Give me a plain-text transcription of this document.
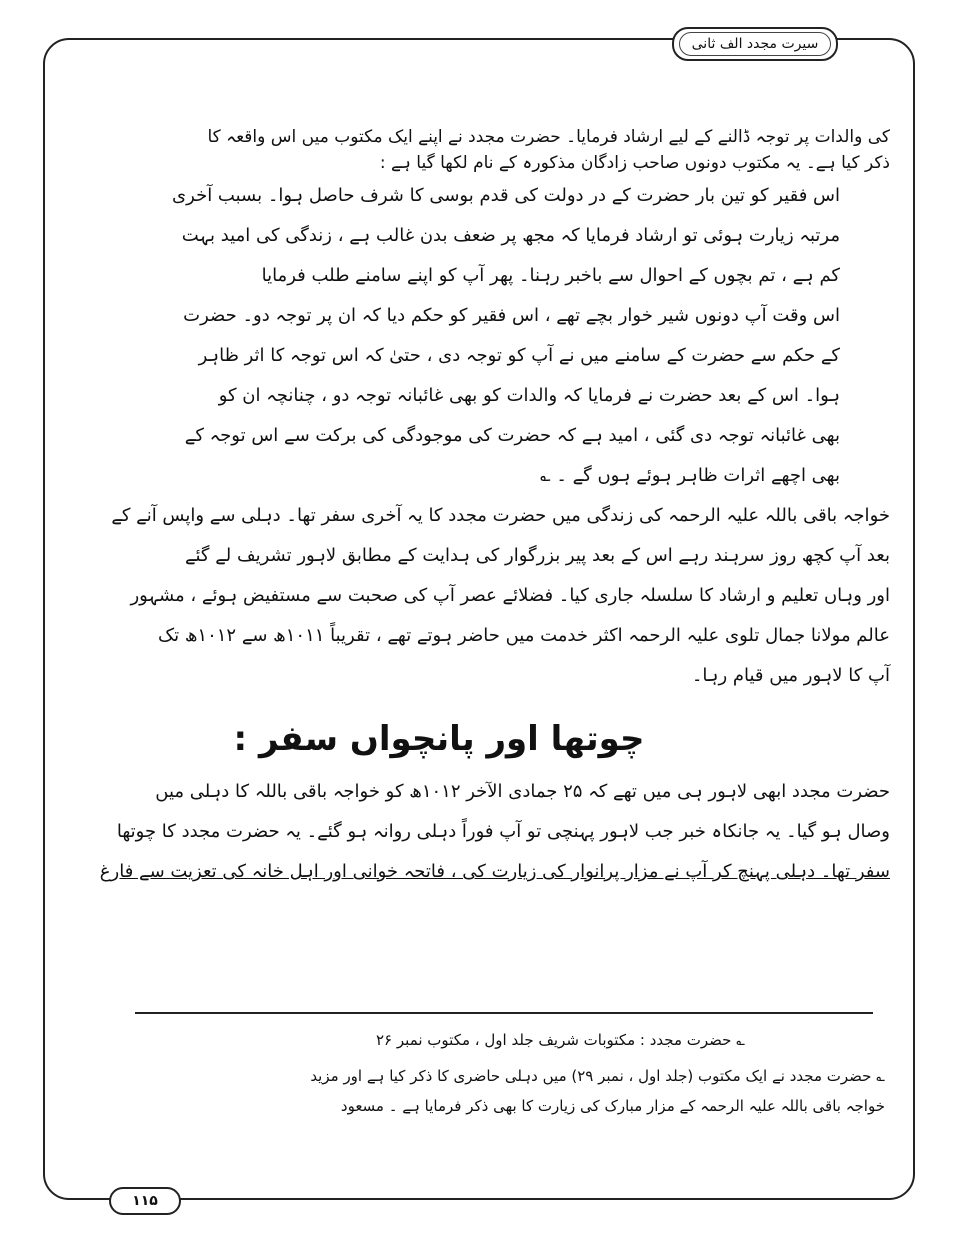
سیرت مجدد الف ثانی
کی والدات پر توجہ ڈالنے کے لیے ارشاد فرمایا۔ حضرت مجدد نے اپنے ایک مکتوب میں اس واقعہ کا
ذکر کیا ہے۔ یہ مکتوب دونوں صاحب زادگان مذکورہ کے نام لکھا گیا ہے :
اس فقیر کو تین بار حضرت کے در دولت کی قدم بوسی کا شرف حاصل ہوا۔ بسبب آخری
مرتبہ زیارت ہوئی تو ارشاد فرمایا کہ مجھ پر ضعف بدن غالب ہے ، زندگی کی امید بہت
کم ہے ، تم بچوں کے احوال سے باخبر رہنا۔ پھر آپ کو اپنے سامنے طلب فرمایا
اس وقت آپ دونوں شیر خوار بچے تھے ، اس فقیر کو حکم دیا کہ ان پر توجہ دو۔ حضرت
کے حکم سے حضرت کے سامنے میں نے آپ کو توجہ دی ، حتیٰ کہ اس توجہ کا اثر ظاہر
ہوا۔ اس کے بعد حضرت نے فرمایا کہ والدات کو بھی غائبانہ توجہ دو ، چنانچہ ان کو
بھی غائبانہ توجہ دی گئی ، امید ہے کہ حضرت کی موجودگی کی برکت سے اس توجہ کے
بھی اچھے اثرات ظاہر ہوئے ہوں گے ۔ ؎
خواجہ باقی باللہ علیہ الرحمہ کی زندگی میں حضرت مجدد کا یہ آخری سفر تھا۔ دہلی سے واپس آنے کے
بعد آپ کچھ روز سرہند رہے اس کے بعد پیر بزرگوار کی ہدایت کے مطابق لاہور تشریف لے گئے
اور وہاں تعلیم و ارشاد کا سلسلہ جاری کیا۔ فضلائے عصر آپ کی صحبت سے مستفیض ہوئے ، مشہور
عالم مولانا جمال تلوی علیہ الرحمہ اکثر خدمت میں حاضر ہوتے تھے ، تقریباً ۱۰۱۱ھ سے ۱۰۱۲ھ تک
آپ کا لاہور میں قیام رہا۔
چوتھا اور پانچواں سفر :
حضرت مجدد ابھی لاہور ہی میں تھے کہ ۲۵ جمادی الآخر ۱۰۱۲ھ کو خواجہ باقی باللہ کا دہلی میں
وصال ہو گیا۔ یہ جانکاہ خبر جب لاہور پہنچی تو آپ فوراً دہلی روانہ ہو گئے۔ یہ حضرت مجدد کا چوتھا
سفر تھا۔ دہلی پہنچ کر آپ نے مزار پرانوار کی زیارت کی ، فاتحہ خوانی اور اہل خانہ کی تعزیت سے فارغ
؎ حضرت مجدد : مکتوبات شریف جلد اول ، مکتوب نمبر ۲۶
؎ حضرت مجدد نے ایک مکتوب (جلد اول ، نمبر ۲۹) میں دہلی حاضری کا ذکر کیا ہے اور مزید
خواجہ باقی باللہ علیہ الرحمہ کے مزار مبارک کی زیارت کا بھی ذکر فرمایا ہے ۔ مسعود
۱۱۵
